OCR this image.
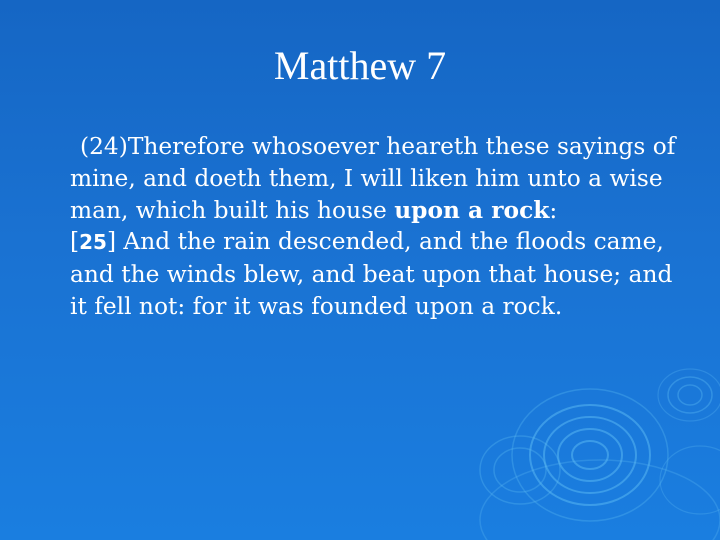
Matthew 7

(24)Therefore whosoever heareth these sayings of mine, and doeth them, I will liken him unto a wise man, which built his house upon a rock:

[25] And the rain descended, and the floods came, and the winds blew, and beat upon that house; and it fell not: for it was founded upon a rock.
